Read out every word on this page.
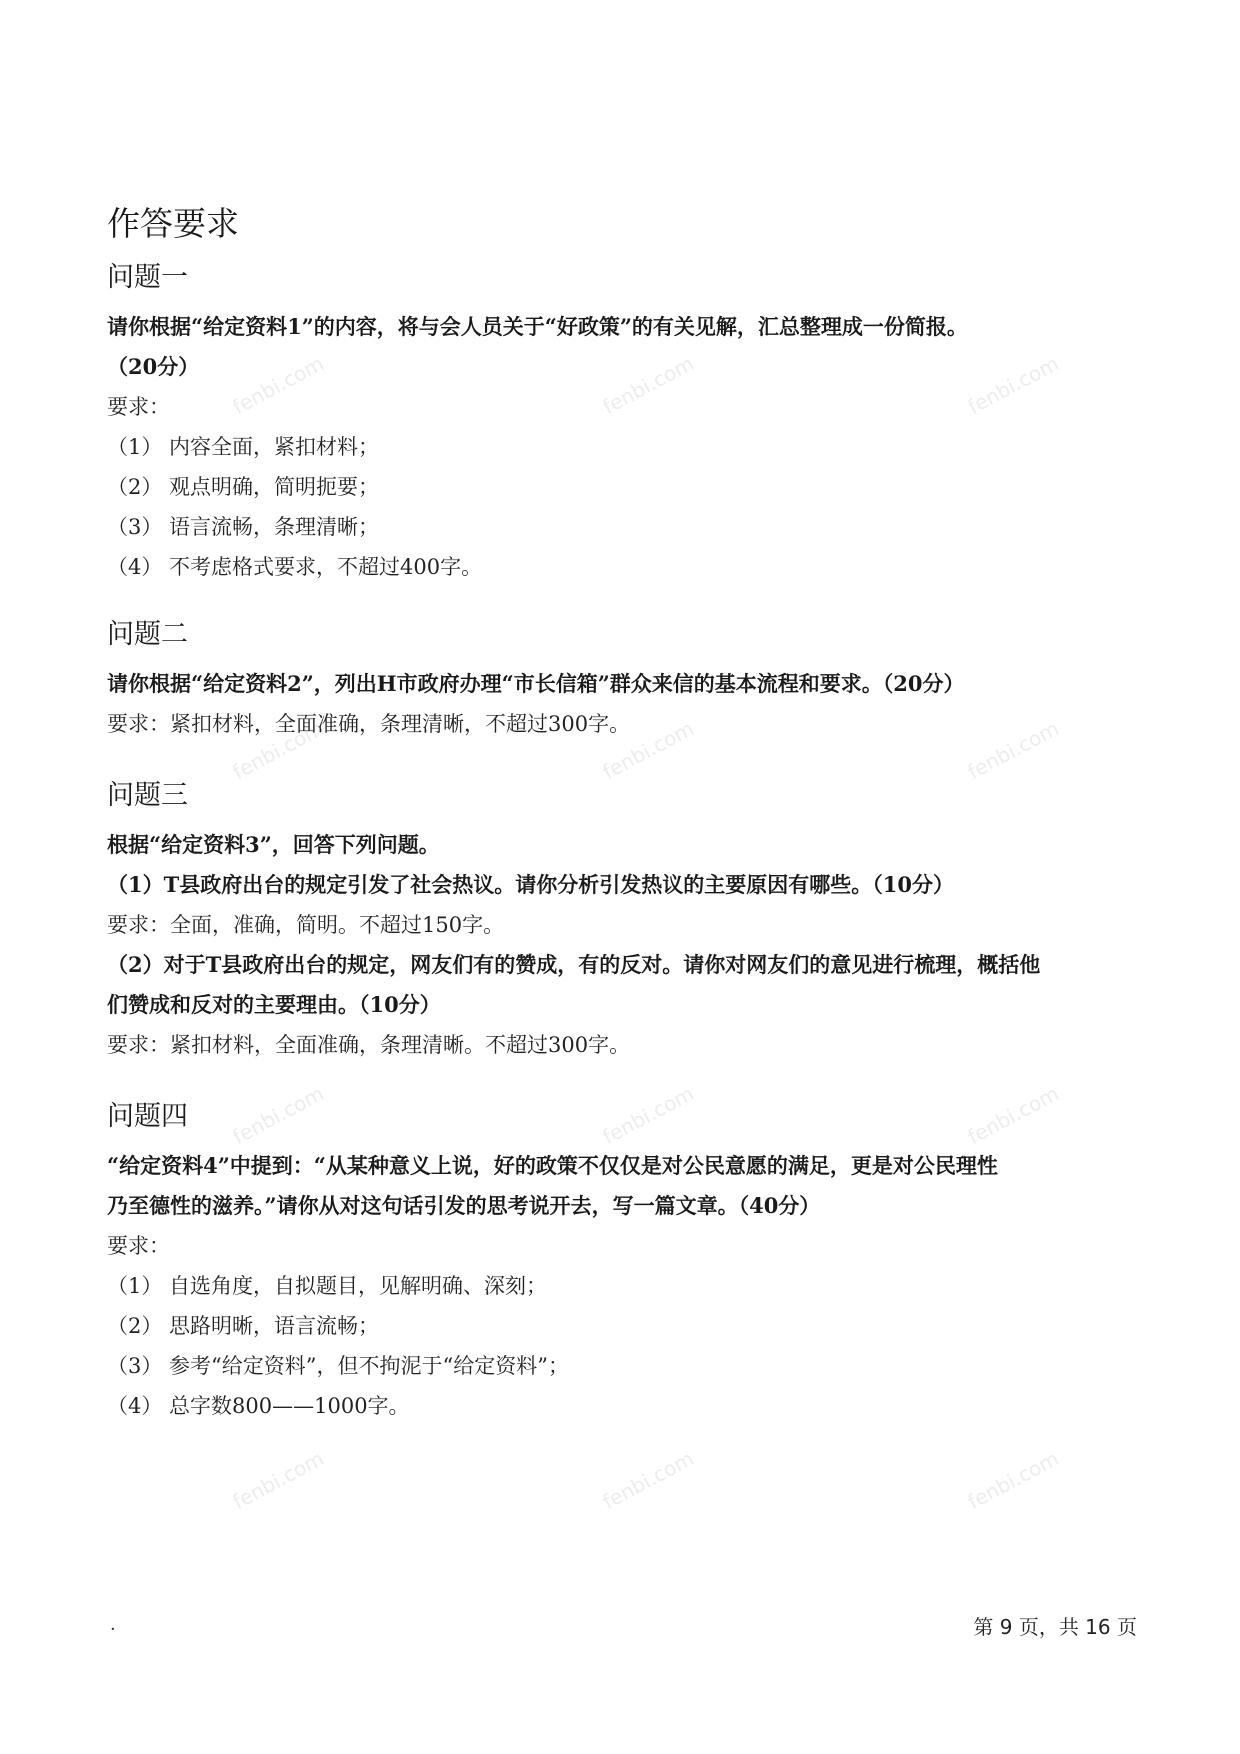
fenbi.com	fenbi.com	fenbi.com
fenbi.com	fenbi.com	fenbi.com
fenbi.com	fenbi.com	fenbi.com
fenbi.com	fenbi.com	fenbi.com
作答要求
问题一

请你根据“给定资料1”的内容，将与会人员关于“好政策”的有关见解，汇总整理成一份简报。

（20分）

要求：

（1） 内容全面，紧扣材料；

（2） 观点明确，简明扼要；

（3） 语言流畅，条理清晰；

（4） 不考虑格式要求，不超过400字。

问题二

请你根据“给定资料2”，列出H市政府办理“市长信箱”群众来信的基本流程和要求。（20分）

要求：紧扣材料，全面准确，条理清晰，不超过300字。

问题三

根据“给定资料3”，回答下列问题。

（1）T县政府出台的规定引发了社会热议。请你分析引发热议的主要原因有哪些。（10分）

要求：全面，准确，简明。不超过150字。

（2）对于T县政府出台的规定，网友们有的赞成，有的反对。请你对网友们的意见进行梳理，概括他

们赞成和反对的主要理由。（10分）

要求：紧扣材料，全面准确，条理清晰。不超过300字。

问题四

“给定资料4”中提到：“从某种意义上说，好的政策不仅仅是对公民意愿的满足，更是对公民理性

乃至德性的滋养。”请你从对这句话引发的思考说开去，写一篇文章。（40分）

要求：

（1） 自选角度，自拟题目，见解明确、深刻；

（2） 思路明晰，语言流畅；

（3） 参考“给定资料”，但不拘泥于“给定资料”；

（4） 总字数800——1000字。

·	第 9 页，共 16 页
